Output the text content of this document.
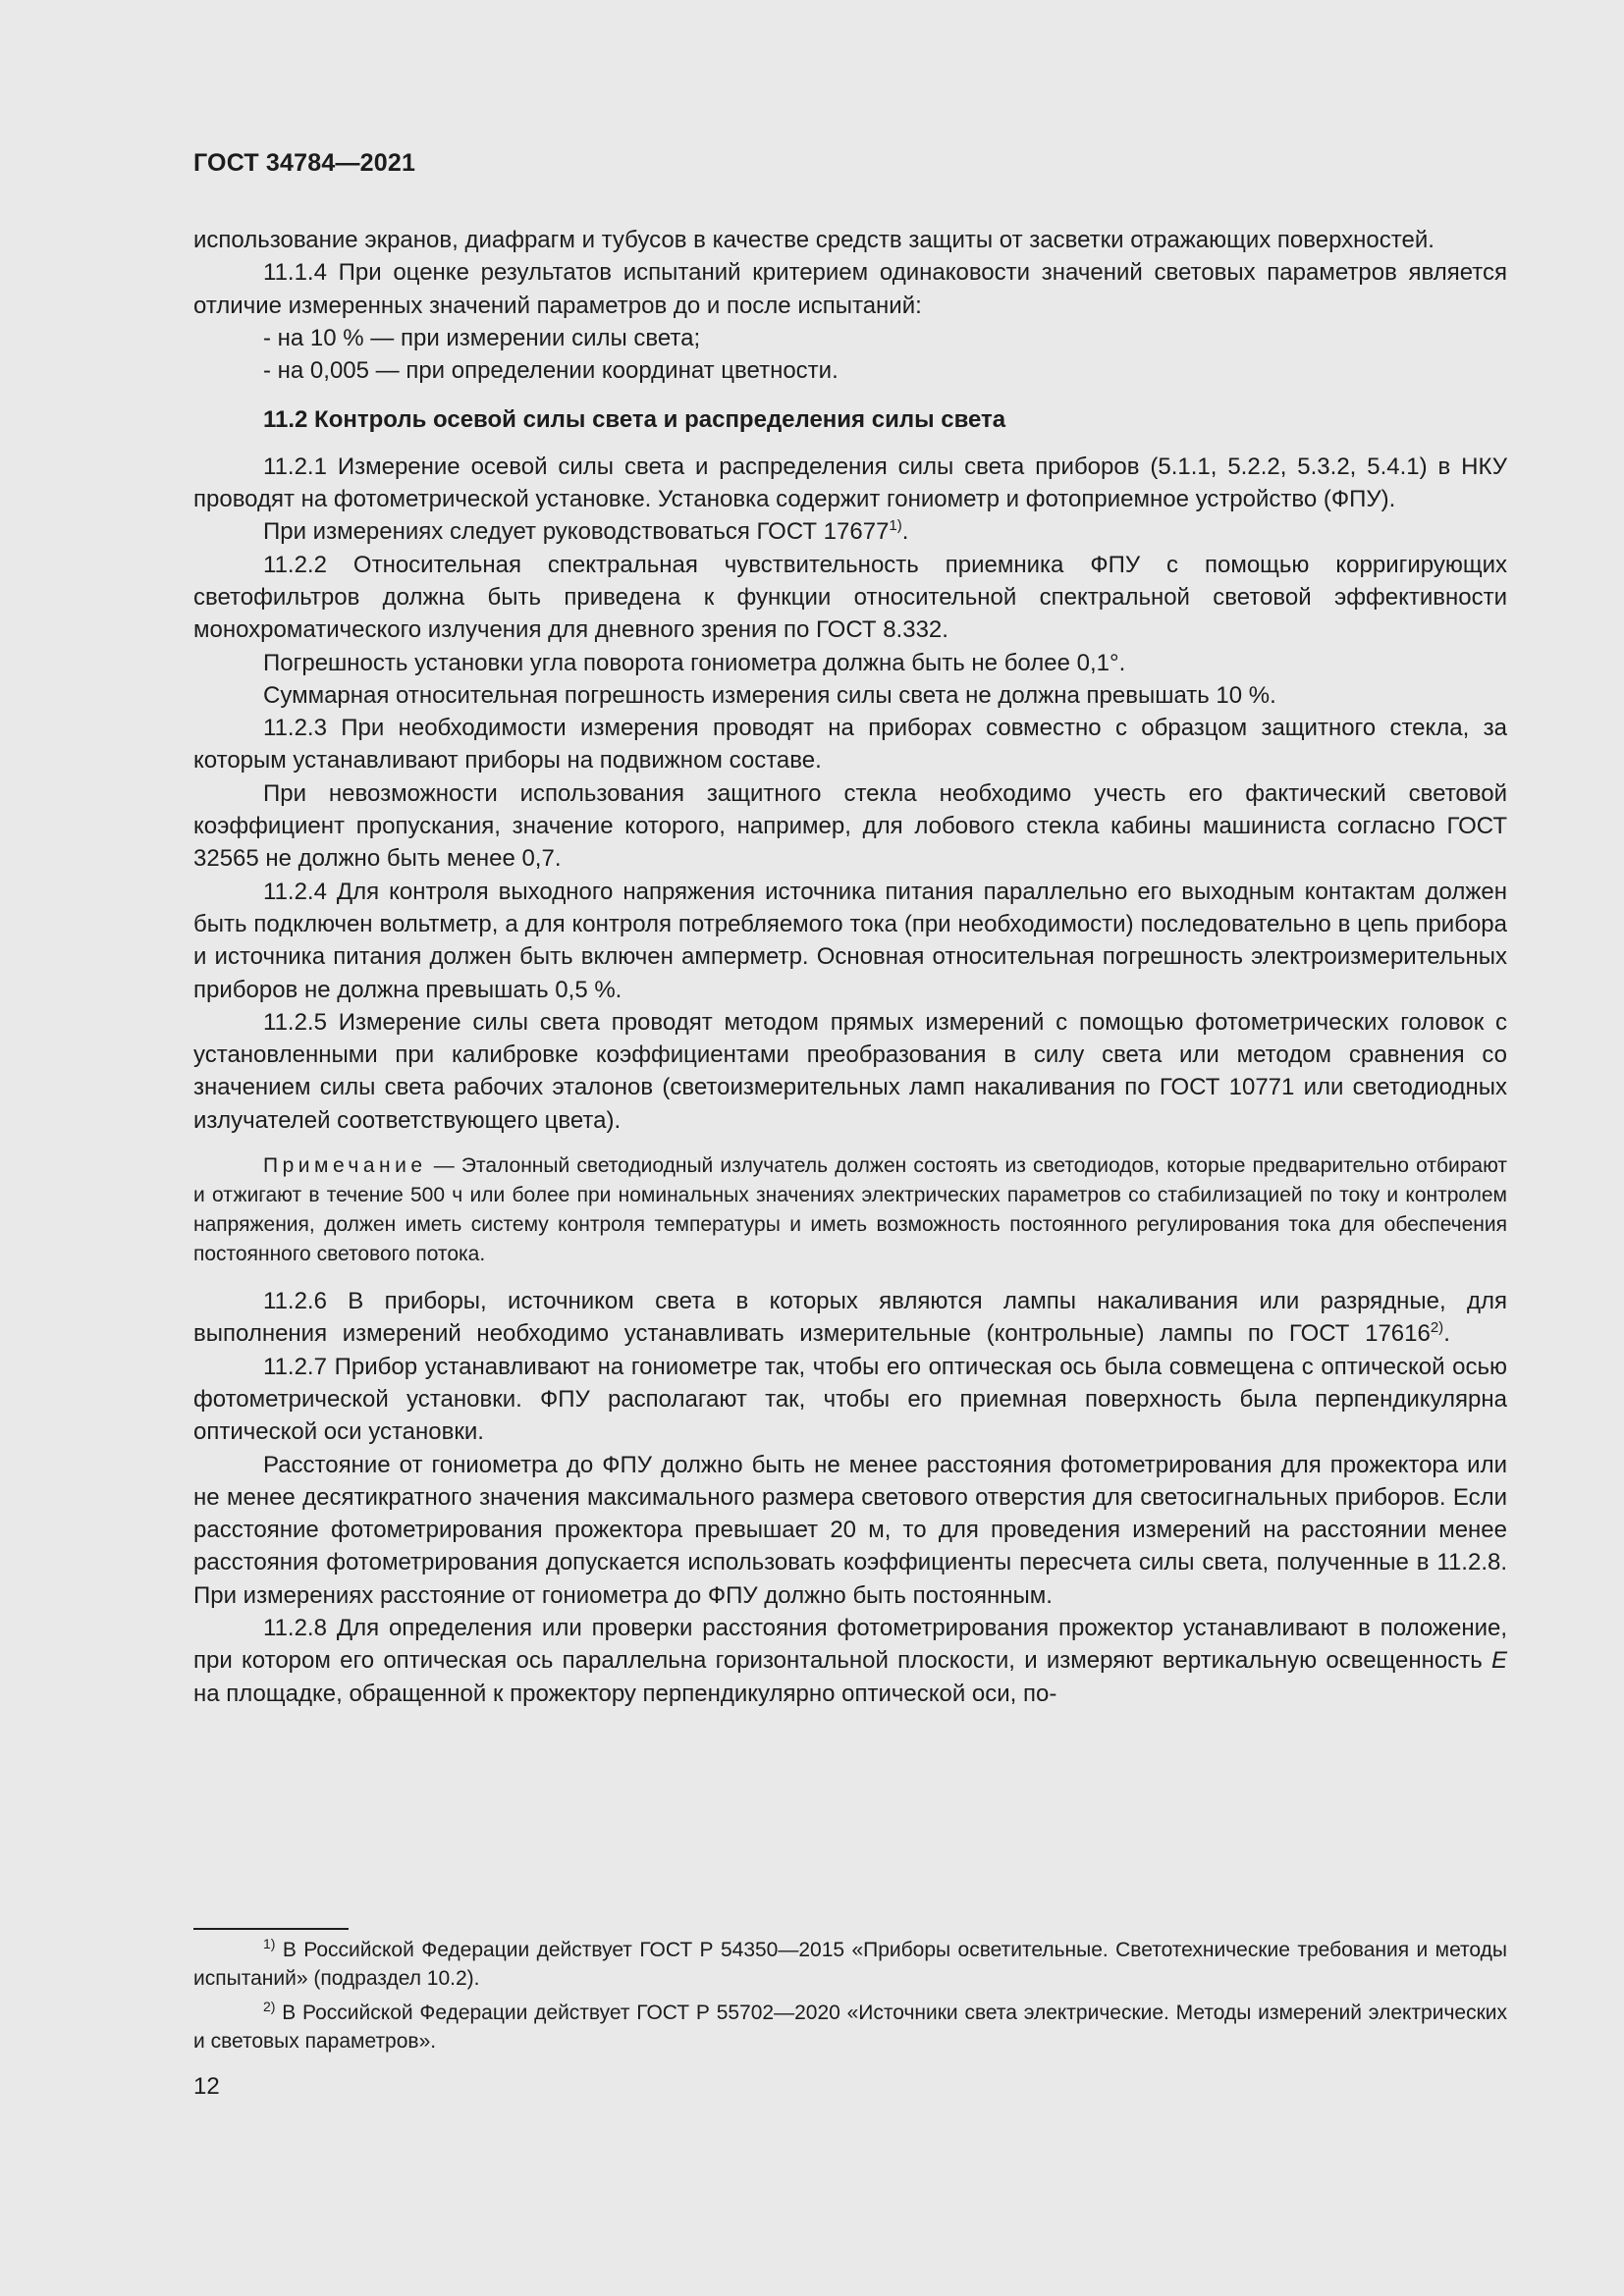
ГОСТ 34784—2021

использование экранов, диафрагм и тубусов в качестве средств защиты от засветки отражающих поверхностей.

11.1.4 При оценке результатов испытаний критерием одинаковости значений световых параметров является отличие измеренных значений параметров до и после испытаний:

- на 10 % — при измерении силы света;

- на 0,005 — при определении координат цветности.

11.2 Контроль осевой силы света и распределения силы света

11.2.1 Измерение осевой силы света и распределения силы света приборов (5.1.1, 5.2.2, 5.3.2, 5.4.1) в НКУ проводят на фотометрической установке. Установка содержит гониометр и фотоприемное устройство (ФПУ).

При измерениях следует руководствоваться ГОСТ 17677$^{1)}$.

11.2.2 Относительная спектральная чувствительность приемника ФПУ с помощью корригирующих светофильтров должна быть приведена к функции относительной спектральной световой эффективности монохроматического излучения для дневного зрения по ГОСТ 8.332.

Погрешность установки угла поворота гониометра должна быть не более 0,1°.

Суммарная относительная погрешность измерения силы света не должна превышать 10 %.

11.2.3 При необходимости измерения проводят на приборах совместно с образцом защитного стекла, за которым устанавливают приборы на подвижном составе.

При невозможности использования защитного стекла необходимо учесть его фактический световой коэффициент пропускания, значение которого, например, для лобового стекла кабины машиниста согласно ГОСТ 32565 не должно быть менее 0,7.

11.2.4 Для контроля выходного напряжения источника питания параллельно его выходным контактам должен быть подключен вольтметр, а для контроля потребляемого тока (при необходимости) последовательно в цепь прибора и источника питания должен быть включен амперметр. Основная относительная погрешность электроизмерительных приборов не должна превышать 0,5 %.

11.2.5 Измерение силы света проводят методом прямых измерений с помощью фотометрических головок с установленными при калибровке коэффициентами преобразования в силу света или методом сравнения со значением силы света рабочих эталонов (светоизмерительных ламп накаливания по ГОСТ 10771 или светодиодных излучателей соответствующего цвета).

Примечание — Эталонный светодиодный излучатель должен состоять из светодиодов, которые предварительно отбирают и отжигают в течение 500 ч или более при номинальных значениях электрических параметров со стабилизацией по току и контролем напряжения, должен иметь систему контроля температуры и иметь возможность постоянного регулирования тока для обеспечения постоянного светового потока.

11.2.6 В приборы, источником света в которых являются лампы накаливания или разрядные, для выполнения измерений необходимо устанавливать измерительные (контрольные) лампы по ГОСТ 17616$^{2)}$.

11.2.7 Прибор устанавливают на гониометре так, чтобы его оптическая ось была совмещена с оптической осью фотометрической установки. ФПУ располагают так, чтобы его приемная поверхность была перпендикулярна оптической оси установки.

Расстояние от гониометра до ФПУ должно быть не менее расстояния фотометрирования для прожектора или не менее десятикратного значения максимального размера светового отверстия для светосигнальных приборов. Если расстояние фотометрирования прожектора превышает 20 м, то для проведения измерений на расстоянии менее расстояния фотометрирования допускается использовать коэффициенты пересчета силы света, полученные в 11.2.8. При измерениях расстояние от гониометра до ФПУ должно быть постоянным.

11.2.8 Для определения или проверки расстояния фотометрирования прожектор устанавливают в положение, при котором его оптическая ось параллельна горизонтальной плоскости, и измеряют вертикальную освещенность E на площадке, обращенной к прожектору перпендикулярно оптической оси, по-

$^{1)}$ В Российской Федерации действует ГОСТ Р 54350—2015 «Приборы осветительные. Светотехнические требования и методы испытаний» (подраздел 10.2).

$^{2)}$ В Российской Федерации действует ГОСТ Р 55702—2020 «Источники света электрические. Методы измерений электрических и световых параметров».

12
